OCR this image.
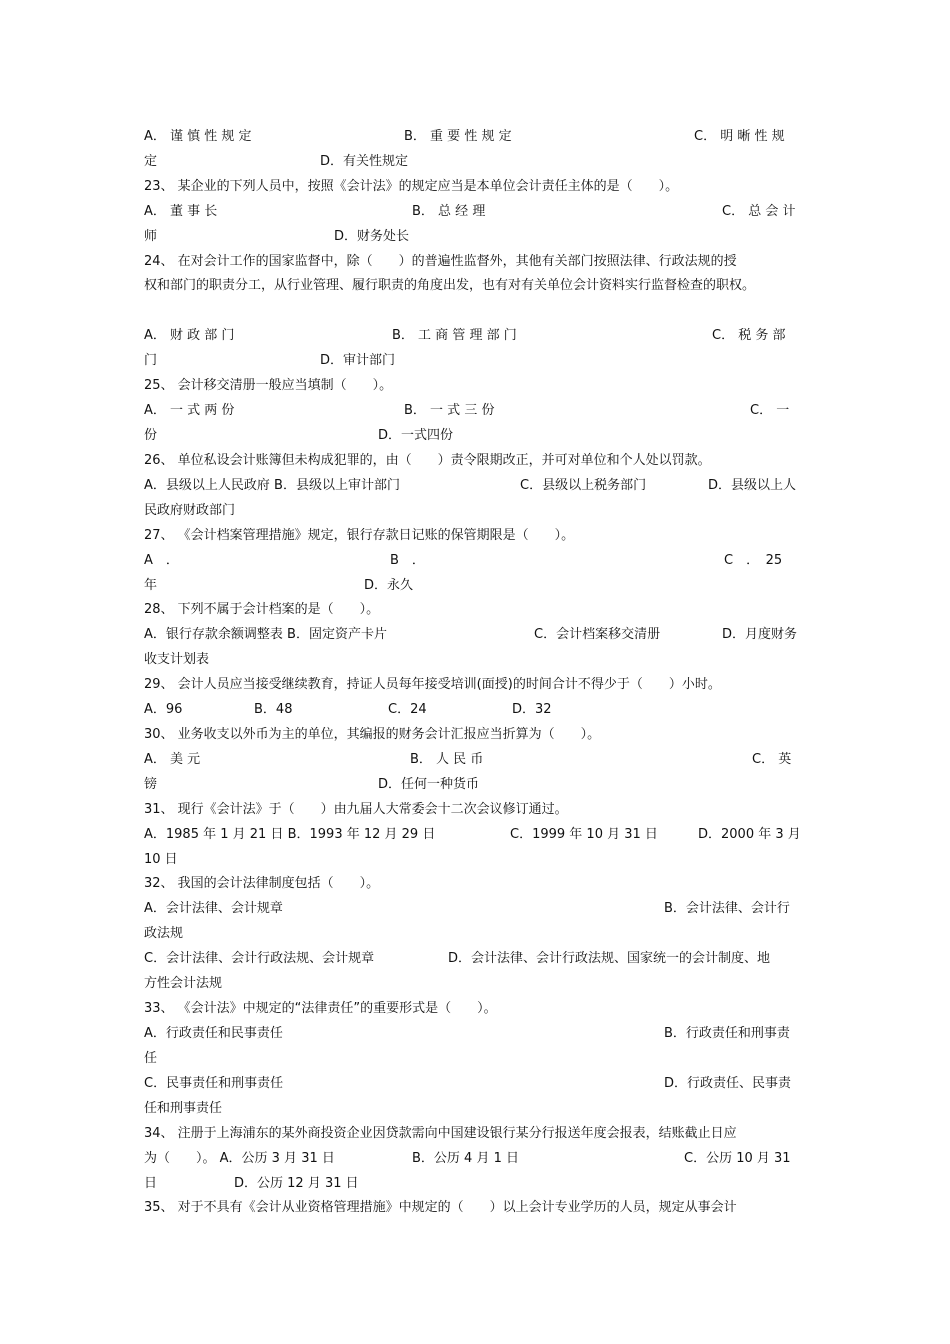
A． 谨 慎 性 规 定	B． 重 要 性 规 定	C． 明 晰 性 规
定	D．有关性规定
23、 某企业的下列人员中，按照《会计法》的规定应当是本单位会计责任主体的是（　　）。
A． 董 事 长	B． 总 经 理	C． 总 会 计
师	D．财务处长
24、 在对会计工作的国家监督中，除（　　）的普遍性监督外，其他有关部门按照法律、行政法规的授
权和部门的职责分工，从行业管理、履行职责的角度出发，也有对有关单位会计资料实行监督检查的职权。
A． 财 政 部 门	B． 工 商 管 理 部 门	C． 税 务 部
门	D．审计部门
25、 会计移交清册一般应当填制（　　）。
A． 一 式 两 份	B． 一 式 三 份	C． 一
份	D．一式四份
26、 单位私设会计账簿但未构成犯罪的，由（　　）责令限期改正，并可对单位和个人处以罚款。
A．县级以上人民政府 B．县级以上审计部门	C．县级以上税务部门	D．县级以上人
民政府财政部门
27、 《会计档案管理措施》规定，银行存款日记账的保管期限是（　　）。
A　．	B　．	C　．　25
年	D．永久
28、 下列不属于会计档案的是（　　）。
A．银行存款余额调整表 B．固定资产卡片	C．会计档案移交清册	D．月度财务
收支计划表
29、 会计人员应当接受继续教育，持证人员每年接受培训(面授)的时间合计不得少于（　　）小时。
A．96	B．48	C．24	D．32
30、 业务收支以外币为主的单位，其编报的财务会计汇报应当折算为（　　）。
A． 美 元	B． 人 民 币	C． 英
镑	D．任何一种货币
31、 现行《会计法》于（　　）由九届人大常委会十二次会议修订通过。
A．1985 年 1 月 21 日 B．1993 年 12 月 29 日	C．1999 年 10 月 31 日	D．2000 年 3 月
10 日
32、 我国的会计法律制度包括（　　）。
A．会计法律、会计规章	B．会计法律、会计行
政法规
C．会计法律、会计行政法规、会计规章	D．会计法律、会计行政法规、国家统一的会计制度、地
方性会计法规
33、 《会计法》中规定的“法律责任”的重要形式是（　　）。
A．行政责任和民事责任	B．行政责任和刑事责
任
C．民事责任和刑事责任	D．行政责任、民事责
任和刑事责任
34、 注册于上海浦东的某外商投资企业因贷款需向中国建设银行某分行报送年度会报表，结账截止日应
为（　　）。 A．公历 3 月 31 日	B．公历 4 月 1 日	C．公历 10 月 31
日	D．公历 12 月 31 日
35、 对于不具有《会计从业资格管理措施》中规定的（　　）以上会计专业学历的人员，规定从事会计
